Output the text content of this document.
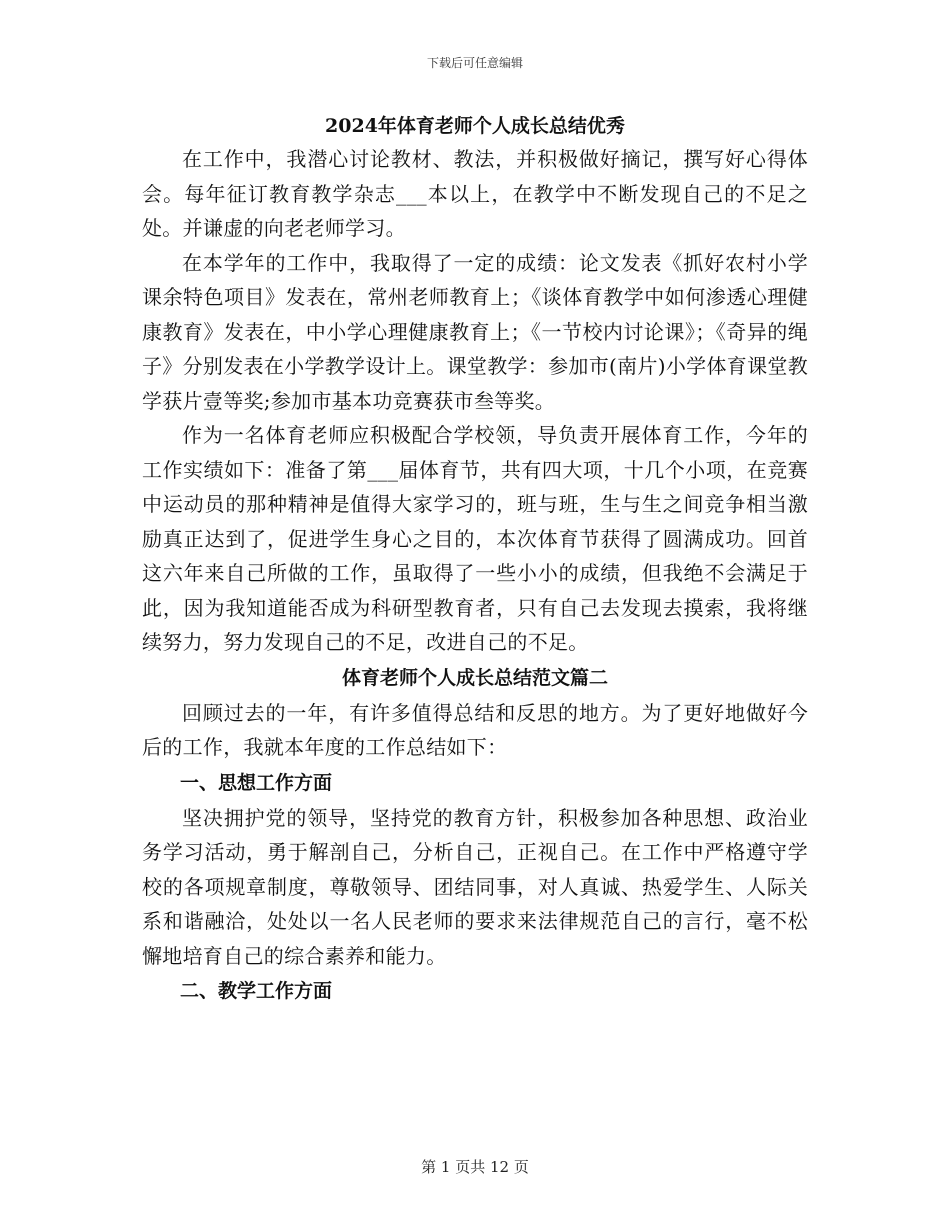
下载后可任意编辑

2024年体育老师个人成长总结优秀

在工作中，我潜心讨论教材、教法，并积极做好摘记，撰写好心得体会。每年征订教育教学杂志___本以上，在教学中不断发现自己的不足之处。并谦虚的向老老师学习。

在本学年的工作中，我取得了一定的成绩：论文发表《抓好农村小学课余特色项目》发表在，常州老师教育上；《谈体育教学中如何渗透心理健康教育》发表在，中小学心理健康教育上；《一节校内讨论课》；《奇异的绳子》分别发表在小学教学设计上。课堂教学：参加市(南片)小学体育课堂教学获片壹等奖;参加市基本功竞赛获市叁等奖。

作为一名体育老师应积极配合学校领，导负责开展体育工作，今年的工作实绩如下：准备了第___届体育节，共有四大项，十几个小项，在竞赛中运动员的那种精神是值得大家学习的，班与班，生与生之间竞争相当激励真正达到了，促进学生身心之目的，本次体育节获得了圆满成功。回首这六年来自己所做的工作，虽取得了一些小小的成绩，但我绝不会满足于此，因为我知道能否成为科研型教育者，只有自己去发现去摸索，我将继续努力，努力发现自己的不足，改进自己的不足。

体育老师个人成长总结范文篇二

回顾过去的一年，有许多值得总结和反思的地方。为了更好地做好今后的工作，我就本年度的工作总结如下：

一、思想工作方面

坚决拥护党的领导，坚持党的教育方针，积极参加各种思想、政治业务学习活动，勇于解剖自己，分析自己，正视自己。在工作中严格遵守学校的各项规章制度，尊敬领导、团结同事，对人真诚、热爱学生、人际关系和谐融洽，处处以一名人民老师的要求来法律规范自己的言行，毫不松懈地培育自己的综合素养和能力。

二、教学工作方面

第 1 页共 12 页
